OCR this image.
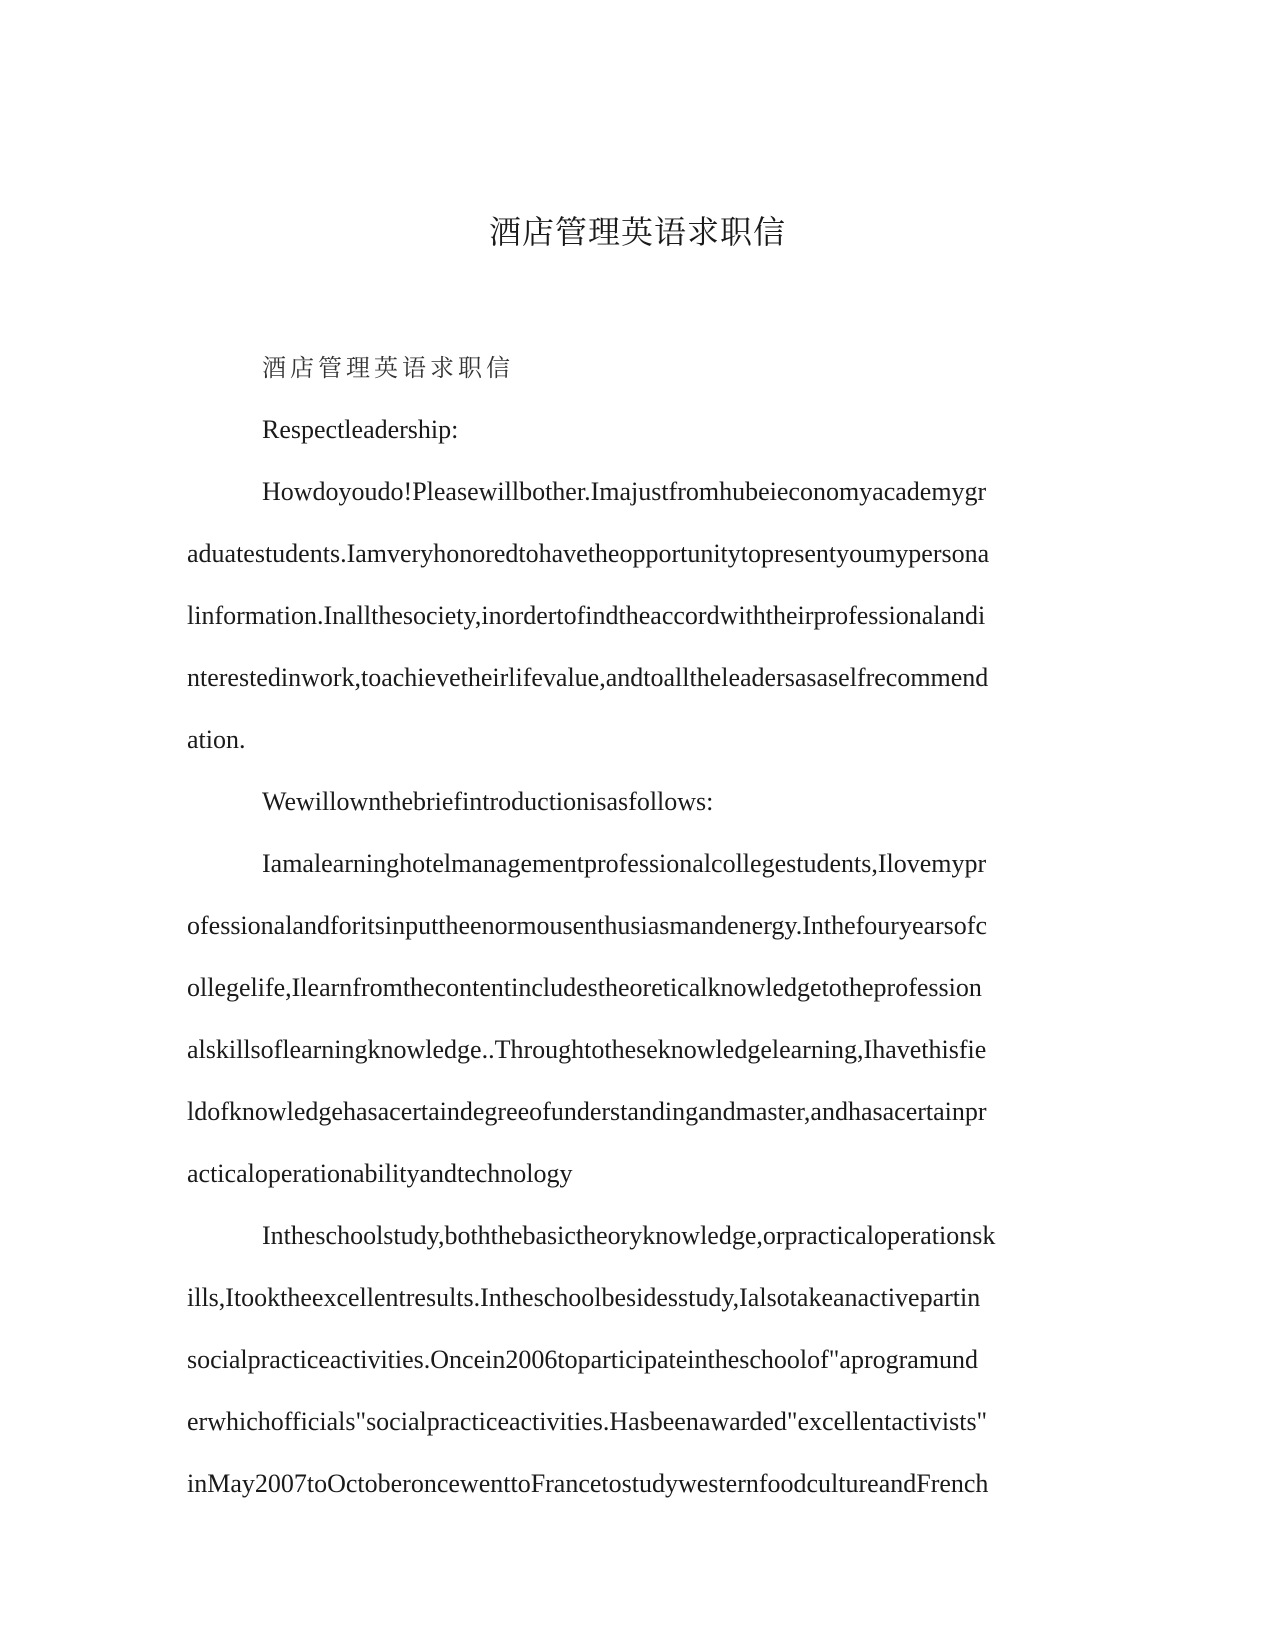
酒店管理英语求职信
酒店管理英语求职信
Respectleadership:
Howdoyoudo!Pleasewillbother.Imajustfromhubeieconomyacademygr
aduatestudents.Iamveryhonoredtohavetheopportunitytopresentyoumypersona
linformation.Inallthesociety,inordertofindtheaccordwiththeirprofessionalandi
nterestedinwork,toachievetheirlifevalue,andtoalltheleadersasaselfrecommend
ation.
Wewillownthebriefintroductionisasfollows:
Iamalearninghotelmanagementprofessionalcollegestudents,Ilovemypr
ofessionalandforitsinputtheenormousenthusiasmandenergy.Inthefouryearsofc
ollegelife,Ilearnfromthecontentincludestheoreticalknowledgetotheprofession
alskillsoflearningknowledge..Throughtotheseknowledgelearning,Ihavethisfie
ldofknowledgehasacertaindegreeofunderstandingandmaster,andhasacertainpr
acticaloperationabilityandtechnology
Intheschoolstudy,boththebasictheoryknowledge,orpracticaloperationsk
ills,Itooktheexcellentresults.Intheschoolbesidesstudy,Ialsotakeanactivepartin
socialpracticeactivities.Oncein2006toparticipateintheschoolof"aprogramund
erwhichofficials"socialpracticeactivities.Hasbeenawarded"excellentactivists"
inMay2007toOctoberoncewenttoFrancetostudywesternfoodcultureandFrench
